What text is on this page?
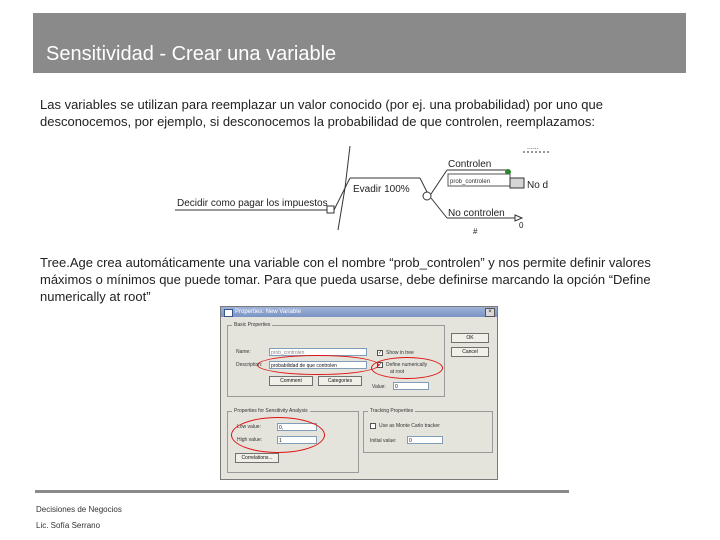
Sensitividad - Crear una variable
Las variables se utilizan para reemplazar un valor conocido (por ej. una probabilidad) por uno que desconocemos, por ejemplo, si desconocemos la probabilidad de que controlen, reemplazamos:
Decidir como pagar los impuestos
Evadir 100%
Controlen
prob_controlen
No controlen
No d
0
#
......
Tree.Age crea automáticamente una variable con el nombre “prob_controlen” y nos permite definir valores máximos o mínimos que puede tomar. Para que pueda usarse, debe definirse marcando la opción “Define numerically at root”
Properties: New Variable	×
Basic Properties
Name:	prob_controlen
Description:	probabilidad de que controlen
Comment	Categories
✓ Show in tree
✓ Define numerically
at root
Value:	0
OK
Cancel
Properties for Sensitivity Analysis
Low value:	0,
High value:	1
Correlations...
Tracking Properties
Use as Monte Carlo tracker
Initial value:	0
Decisiones de Negocios
Lic. Sofía Serrano
